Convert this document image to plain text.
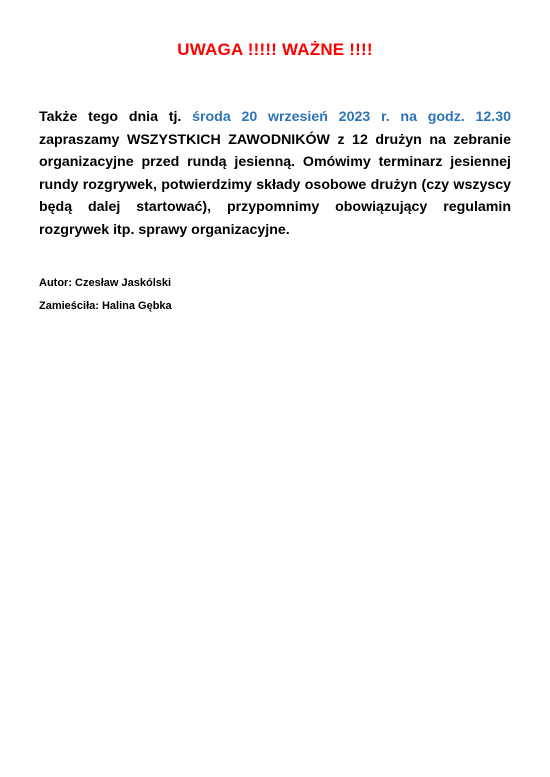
UWAGA !!!!! WAŻNE !!!!
Także tego dnia tj. środa 20 wrzesień 2023 r. na godz. 12.30 zapraszamy WSZYSTKICH ZAWODNIKÓW z 12 drużyn na zebranie organizacyjne przed rundą jesienną. Omówimy terminarz jesiennej rundy rozgrywek, potwierdzimy składy osobowe drużyn (czy wszyscy będą dalej startować), przypomnimy obowiązujący regulamin rozgrywek itp. sprawy organizacyjne.
Autor: Czesław Jaskólski
Zamieściła: Halina Gębka
